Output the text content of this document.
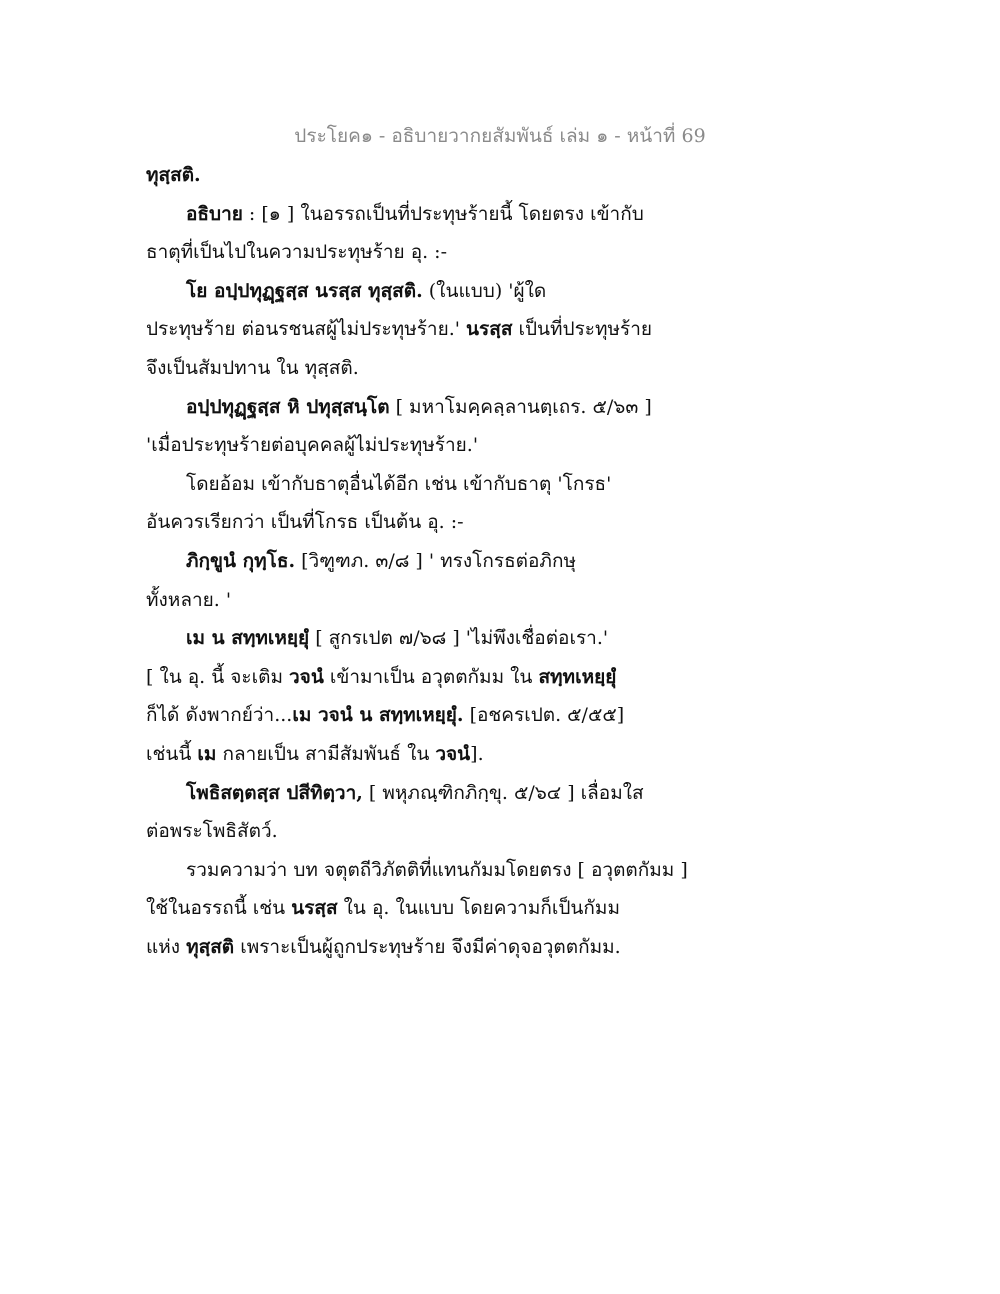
ประโยค๑ - อธิบายวากยสัมพันธ์ เล่ม ๑ - หน้าที่ 69
ทุสฺสติ.
อธิบาย : [๑ ] ในอรรถเป็นที่ประทุษร้ายนี้ โดยตรง เข้ากับ
ธาตุที่เป็นไปในความประทุษร้าย อุ. :-
โย อปฺปทุฏฺฐสฺส นรสฺส ทุสฺสติ. (ในแบบ) 'ผู้ใด
ประทุษร้าย ต่อนรชนสผู้ไม่ประทุษร้าย.' นรสฺส เป็นที่ประทุษร้าย
จึงเป็นสัมปทาน ใน ทุสฺสติ.
อปฺปทุฏฺฐสฺส หิ ปทุสฺสนฺโต [ มหาโมคฺคลฺลานตฺเถร. ๕/๖๓ ]
'เมื่อประทุษร้ายต่อบุคคลผู้ไม่ประทุษร้าย.'
โดยอ้อม เข้ากับธาตุอื่นได้อีก เช่น เข้ากับธาตุ 'โกรธ'
อันควรเรียกว่า เป็นที่โกรธ เป็นต้น อุ. :-
ภิกฺขูนํ กุทฺโธ. [วิฑูฑภ. ๓/๘ ] ' ทรงโกรธต่อภิกษุ
ทั้งหลาย. '
เม น สทฺทเหยฺยุํ [ สูกรเปต ๗/๖๘ ] 'ไม่พึงเชื่อต่อเรา.'
[ ใน อุ. นี้ จะเติม วจนํ เข้ามาเป็น อวุตตกัมม ใน สทฺทเหยฺยุํ
ก็ได้ ดังพากย์ว่า...เม วจนํ น สทฺทเหยฺยุํ. [อชครเปต. ๕/๕๕]
เช่นนี้ เม กลายเป็น สามีสัมพันธ์ ใน วจนํ].
โพธิสตฺตสฺส ปสีทิตฺวา, [ พหุภณฺฑิกภิกฺขุ. ๕/๖๔ ] เลื่อมใส
ต่อพระโพธิสัตว์.
รวมความว่า บท จตุตถีวิภัตติที่แทนกัมมโดยตรง [ อวุตตกัมม ]
ใช้ในอรรถนี้ เช่น นรสฺส ใน อุ. ในแบบ โดยความก็เป็นกัมม
แห่ง ทุสฺสติ เพราะเป็นผู้ถูกประทุษร้าย จึงมีค่าดุจอวุตตกัมม.
